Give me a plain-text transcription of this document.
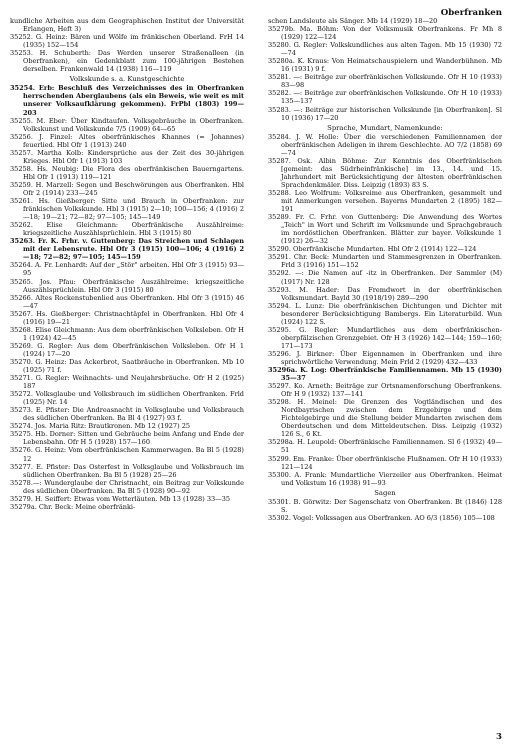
Oberfranken
kundliche Arbeiten aus dem Geographischen Institut der Universität Erlangen, Heft 3)
35252. G. Heinz: Bären und Wölfe im fränkischen Oberland. FrH 14 (1935) 152—154
35253. H. Schuberth: Das Werden unserer Straßenalleen (in Oberfranken), ein Gedenkblatt zum 100-jährigen Bestehen derselben. Frankenwald 14 (1938) 116—119
Volkskunde s. a. Kunstgeschichte
35254. Erb: Beschluß des Verzeichnisses des in Oberfranken herrschenden Aberglaubens (als ein Beweis, wie weit es mit unserer Volksaufklärung gekommen). FrPbl (1803) 199—203
35255. M. Eber: Über Kindtaufen. Volksgebräuche in Oberfranken. Volkskunst und Volkskunde 7/5 (1909) 64—65
35256. J. Finzel: Altes oberfränkisches Khannes (= Johannes) feuerlied. Hbl Ofr 1 (1913) 240
35257. Martha Kolb: Kindersprüche aus der Zeit des 30-jährigen Krieges. Hbl Ofr 1 (1913) 103
35258. Hs. Neubig: Die Flora des oberfränkischen Bauerngartens. Hbl Ofr 1 (1913) 119—121
35259. H. Marzell: Segen und Beschwörungen aus Oberfranken. Hbl Ofr 2 (1914) 233—245
35261. Hs. Gießberger: Sitte und Brauch in Oberfranken: zur fränkischen Volkskunde. Hbl 3 (1915) 2—10; 100—156; 4 (1916) 2—18; 19—21; 72—82; 97—105; 145—149
35262. Elise Gleichmann: Oberfränkische Auszählreime: kriegszeitliche Auszählsprüchlein. Hbl 3 (1915) 80
35263. Fr. K. Frhr. v. Guttenberg: Das Streichen und Schlagen mit der Lebensrute. Hbl Ofr 3 (1915) 100—106; 4 (1916) 2—18; 72—82; 97—105; 145—159
35264. A. Fr. Lenhardt: Auf der „Stör" arbeiten. Hbl Ofr 3 (1915) 93—95
35265. Jos. Pfau: Oberfränkische Auszählreime: kriegszeitliche Auszählsprüchlein. Hbl Ofr 3 (1915) 80
35266. Altes Rockenstubenlied aus Oberfranken. Hbl Ofr 3 (1915) 46—47
35267. Hs. Gießberger: Christnachtäpfel in Oberfranken. Hbl Ofr 4 (1916) 19—21
35268. Elise Gleichmann: Aus dem oberfränkischen Volksleben. Ofr H 1 (1924) 42—45
35269. G. Regler: Aus dem Oberfränkischen Volksleben. Ofr H 1 (1924) 17—20
35270. G. Heinz: Das Ackerbrot, Saatbräuche in Oberfranken. Mb 10 (1925) 71 f.
35271. G. Regler: Weihnachts- und Neujahrsbräuche. Ofr H 2 (1925) 187
35272. Volksglaube und Volksbrauch im südlichen Oberfranken. Frld (1925) Nr. 14
35273. E. Pfister: Die Andreasnacht in Volksglaube und Volksbrauch des südlichen Oberfranken. Ba Bl 4 (1927) 93 f.
35274. Jos. Maria Ritz: Brautkronen. Mb 12 (1927) 25
35275. Hb. Dorner: Sitten und Gebräuche beim Anfang und Ende der Lebensbahn. Ofr H 5 (1928) 157—160
35276. G. Heinz: Vom oberfränkischen Kammerwagen. Ba Bl 5 (1928) 12
35277. E. Pfister: Das Osterfest in Volksglaube und Volksbrauch im südlichen Oberfranken. Ba Bl 5 (1928) 25—26
35278.—: Wunderglaube der Christnacht, ein Beitrag zur Volkskunde des südlichen Oberfranken. Ba Bl 5 (1928) 90—92
35279. H. Seiffert: Etwas vom Wetterläuten. Mb 13 (1928) 33—35
35279a. Chr. Beck: Meine oberfränki-
schen Landsleute als Sänger. Mb 14 (1929) 18—20
35279b. Ma. Böhm: Von der Volksmusik Oberfrankens. Fr Mh 8 (1929) 122—124
35280. G. Regler: Volkskundliches aus alten Tagen. Mb 15 (1930) 72—74
35280a. K. Kraus: Von Heimatschauspielern und Wanderbühnen. Mb 16 (1931) 9 f.
35281. —: Beiträge zur oberfränkischen Volkskunde. Ofr H 10 (1933) 83—98
35282. —: Beiträge zur oberfränkischen Volkskunde. Ofr H 10 (1933) 135—137
35283. —: Beiträge zur historischen Volkskunde [in Oberfranken]. Sl 10 (1936) 17—20
Sprache, Mundart, Namenkunde:
35284. J. W. Holle: Über die verschiedenen Familiennamen der oberfränkischen Adeligen in ihrem Geschlechte. AO 7/2 (1858) 69—74
35287. Osk. Albin Böhme: Zur Kenntnis des Oberfränkischen [gemeint: das Südrheinfränkische] im 13., 14. und 15. Jahrhundert mit Berücksichtigung der ältesten oberfränkischen Sprachdenkmäler. Diss. Leipzig (1893) 83 S.
35288. Leo Wolfrum: Volksreime aus Oberfranken, gesammelt und mit Anmerkungen versehen. Bayerns Mundarten 2 (1895) 182—191
35289. Fr. C. Frhr. von Guttenberg: Die Anwendung des Wortes „Teich" in Wort und Schrift im Volksmunde und Sprachgebrauch im nordöstlichen Oberfranken. Blätter zur bayer. Volkskunde 1 (1912) 26—32
35290. Oberfränkische Mundarten. Hbl Ofr 2 (1914) 122—124
35291. Chr. Beck: Mundarten und Stammesgrenzen in Oberfranken. Frld 3 (1916) 151—152
35292. —: Die Namen auf -itz in Oberfranken. Der Sammler (M) (1917) Nr. 128
35293. M. Hader: Das Fremdwort in der oberfränkischen Volksmundart. Bayld 30 (1918/19) 289—290
35294. L. Lunz: Die oberfränkischen Dichtungen und Dichter mit besonderer Berücksichtigung Bambergs. Ein Literaturbild. Wun (1924) 122 S.
35295. G. Regler: Mundartliches aus dem oberfränkischen-oberpfälzischen Grenzgebiet. Ofr H 3 (1926) 142—144; 159—160; 171—173
35296. J. Birkner: Über Eigennamen in Oberfranken und ihre sprichwörtliche Verwendung. Mein Frld 2 (1929) 432—433
35296a. K. Log: Oberfränkische Familiennamen. Mb 15 (1930) 35—37
35297. Ko. Arneth: Beiträge zur Ortsnamenforschung Oberfrankens. Ofr H 9 (1932) 137—141
35298. H. Meinel: Die Grenzen des Vogtländischen und des Nordbayrischen zwischen dem Erzgebirge und dem Fichtelgebirge und die Stellung beider Mundarten zwischen dem Oberdeutschen und dem Mitteldeutschen. Diss. Leipzig (1932) 126 S., 6 Kt.
35298a. H. Leupold: Oberfränkische Familiennamen. Sl 6 (1932) 49—51
35299. Em. Franke: Über oberfränkische Flußnamen. Ofr H 10 (1933) 121—124
35300. A. Frank: Mundartliche Vierzeiler aus Oberfranken. Heimat und Volkstum 16 (1938) 91—93
Sagen
35301. B. Görwitz: Der Sagenschatz von Oberfranken. Bt (1846) 128 S.
35302. Vogel: Volkssagen aus Oberfranken. AO 6/3 (1856) 105—108
3
